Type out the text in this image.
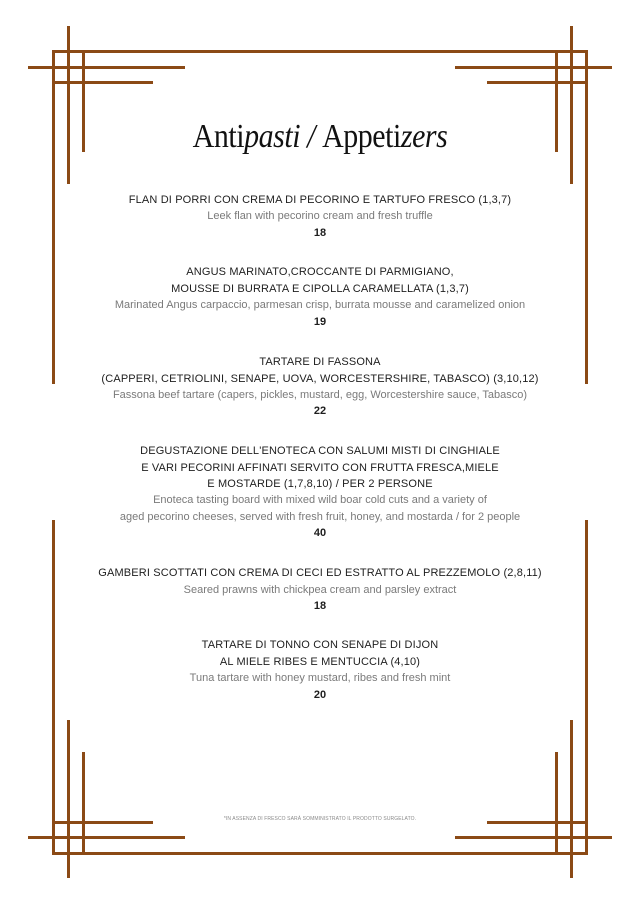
Antipasti / Appetizers
FLAN DI PORRI CON CREMA DI PECORINO E TARTUFO FRESCO (1,3,7)
Leek flan with pecorino cream and fresh truffle
18
ANGUS MARINATO,CROCCANTE DI PARMIGIANO,
MOUSSE DI BURRATA E CIPOLLA CARAMELLATA (1,3,7)
Marinated Angus carpaccio, parmesan crisp, burrata mousse and caramelized onion
19
TARTARE DI FASSONA
(CAPPERI, CETRIOLINI, SENAPE, UOVA, WORCESTERSHIRE, TABASCO) (3,10,12)
Fassona beef tartare (capers, pickles, mustard, egg, Worcestershire sauce, Tabasco)
22
DEGUSTAZIONE DELL'ENOTECA CON SALUMI MISTI DI CINGHIALE
E VARI PECORINI AFFINATI SERVITO CON FRUTTA FRESCA,MIELE
E MOSTARDE (1,7,8,10) / PER 2 PERSONE
Enoteca tasting board with mixed wild boar cold cuts and a variety of
aged pecorino cheeses, served with fresh fruit, honey, and mostarda / for 2 people
40
GAMBERI SCOTTATI CON CREMA DI CECI ED ESTRATTO AL PREZZEMOLO (2,8,11)
Seared prawns with chickpea cream and parsley extract
18
TARTARE DI TONNO CON SENAPE DI DIJON
AL MIELE RIBES E MENTUCCIA (4,10)
Tuna tartare with honey mustard, ribes and fresh mint
20
*IN ASSENZA DI FRESCO SARÀ SOMMINISTRATO IL PRODOTTO SURGELATO.
